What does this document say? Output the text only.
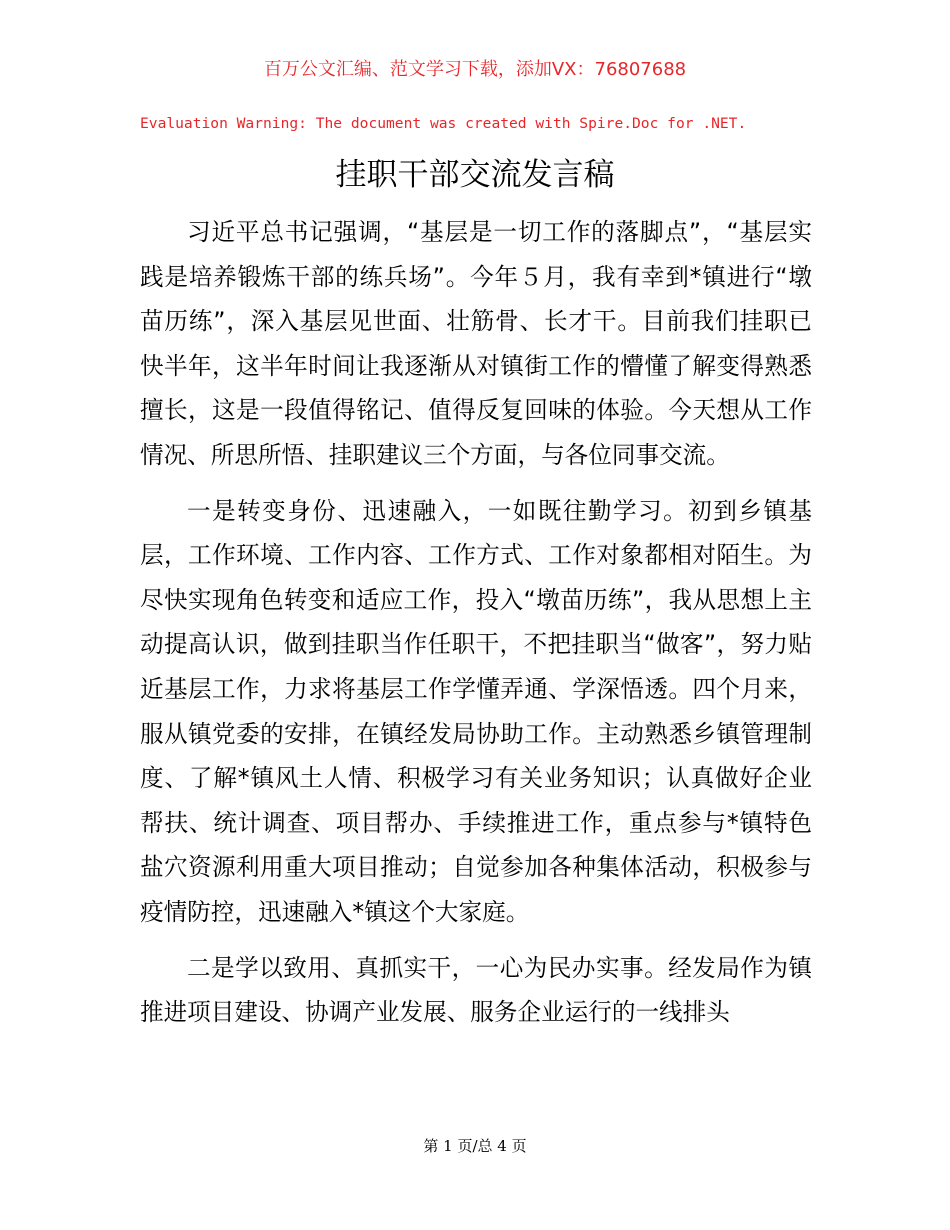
百万公文汇编、范文学习下载，添加VX：76807688
Evaluation Warning: The document was created with Spire.Doc for .NET.
挂职干部交流发言稿

习近平总书记强调，“基层是一切工作的落脚点”，“基层实践是培养锻炼干部的练兵场”。今年５月，我有幸到*镇进行“墩苗历练”，深入基层见世面、壮筋骨、长才干。目前我们挂职已快半年，这半年时间让我逐渐从对镇街工作的懵懂了解变得熟悉擅长，这是一段值得铭记、值得反复回味的体验。今天想从工作情况、所思所悟、挂职建议三个方面，与各位同事交流。

一是转变身份、迅速融入，一如既往勤学习。初到乡镇基层，工作环境、工作内容、工作方式、工作对象都相对陌生。为尽快实现角色转变和适应工作，投入“墩苗历练”，我从思想上主动提高认识，做到挂职当作任职干，不把挂职当“做客”，努力贴近基层工作，力求将基层工作学懂弄通、学深悟透。四个月来，服从镇党委的安排，在镇经发局协助工作。主动熟悉乡镇管理制度、了解*镇风土人情、积极学习有关业务知识；认真做好企业帮扶、统计调查、项目帮办、手续推进工作，重点参与*镇特色盐穴资源利用重大项目推动；自觉参加各种集体活动，积极参与疫情防控，迅速融入*镇这个大家庭。

二是学以致用、真抓实干，一心为民办实事。经发局作为镇推进项目建设、协调产业发展、服务企业运行的一线排头

第 1 页/总 4 页
